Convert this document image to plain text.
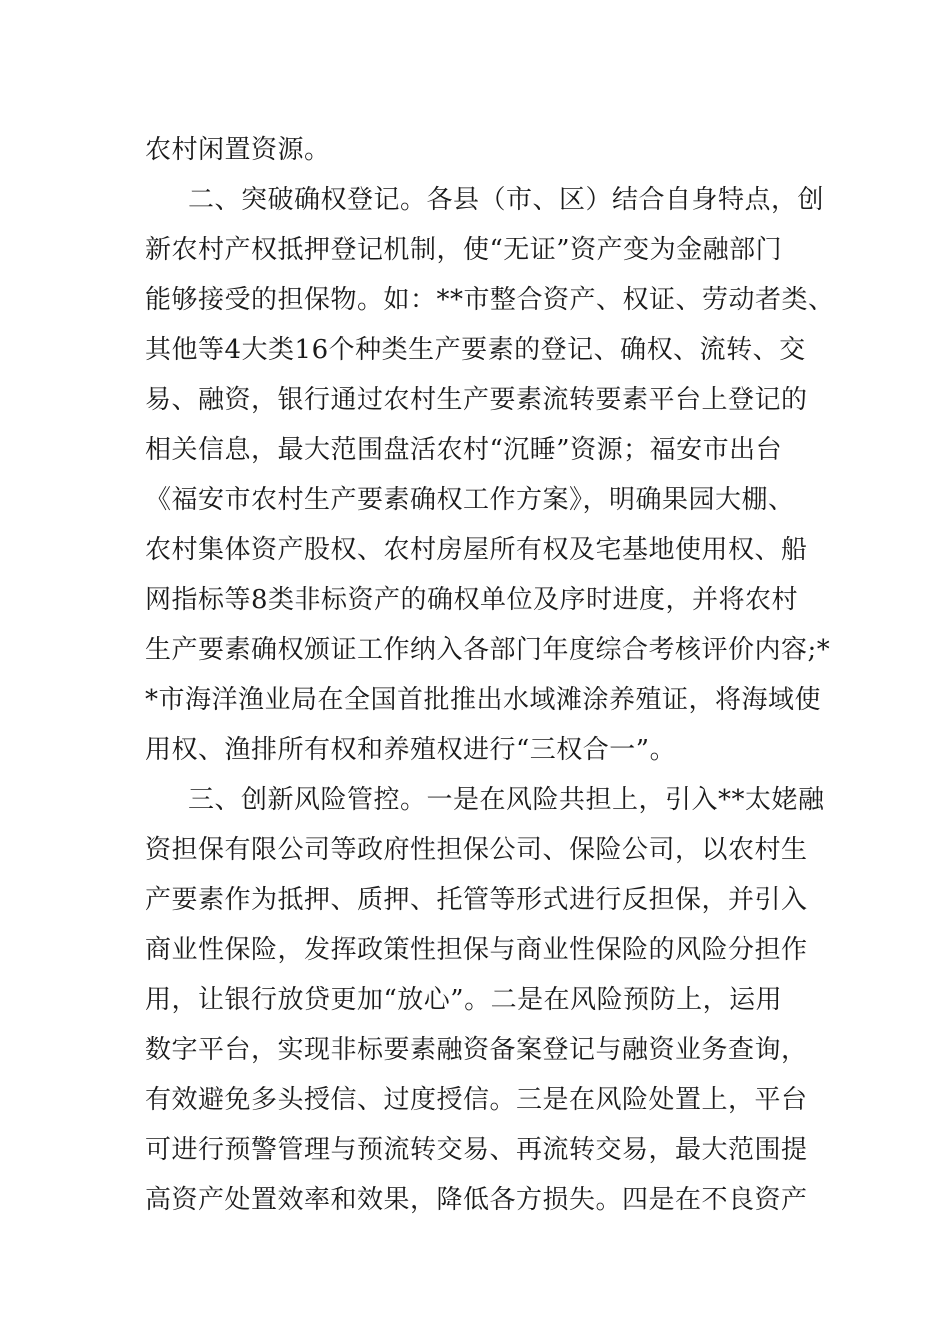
农村闲置资源。
二、突破确权登记。各县（市、区）结合自身特点，创
新农村产权抵押登记机制，使“无证”资产变为金融部门
能够接受的担保物。如：**市整合资产、权证、劳动者类、
其他等4大类16个种类生产要素的登记、确权、流转、交
易、融资，银行通过农村生产要素流转要素平台上登记的
相关信息，最大范围盘活农村“沉睡”资源；福安市出台
《福安市农村生产要素确权工作方案》，明确果园大棚、
农村集体资产股权、农村房屋所有权及宅基地使用权、船
网指标等8类非标资产的确权单位及序时进度，并将农村
生产要素确权颁证工作纳入各部门年度综合考核评价内容;*
*市海洋渔业局在全国首批推出水域滩涂养殖证，将海域使
用权、渔排所有权和养殖权进行“三权合一”。
三、创新风险管控。一是在风险共担上，引入**太姥融
资担保有限公司等政府性担保公司、保险公司，以农村生
产要素作为抵押、质押、托管等形式进行反担保，并引入
商业性保险，发挥政策性担保与商业性保险的风险分担作
用，让银行放贷更加“放心”。二是在风险预防上，运用
数字平台，实现非标要素融资备案登记与融资业务查询，
有效避免多头授信、过度授信。三是在风险处置上，平台
可进行预警管理与预流转交易、再流转交易，最大范围提
高资产处置效率和效果，降低各方损失。四是在不良资产
